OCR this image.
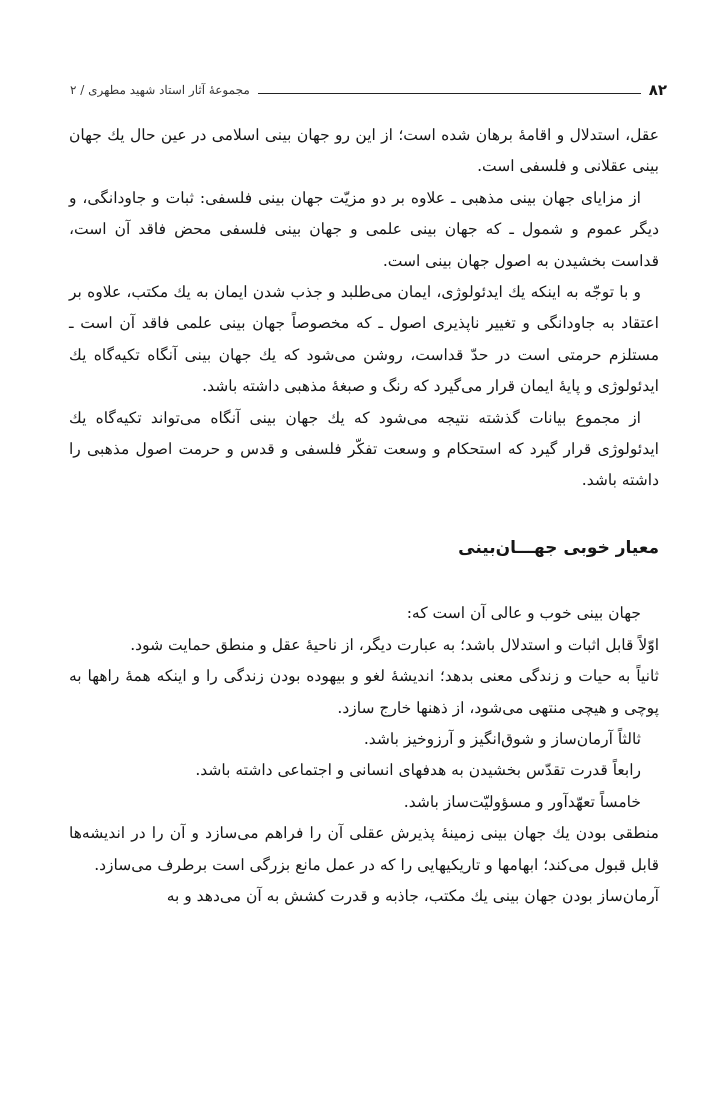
۸۲
مجموعهٔ آثار استاد شهید مطهری / ۲

عقل، استدلال و اقامهٔ برهان شده است؛ از این رو جهان بینی اسلامی در عین حال یك جهان بینی عقلانی و فلسفی است.

از مزایای جهان بینی مذهبی ـ علاوه بر دو مزیّت جهان بینی فلسفی: ثبات و جاودانگی، و دیگر عموم و شمول ـ كه جهان بینی علمی و جهان بینی فلسفی محض فاقد آن است، قداست بخشیدن به اصول جهان بینی است.

و با توجّه به اینكه یك ایدئولوژی، ایمان می‌طلبد و جذب شدن ایمان به یك مكتب، علاوه بر اعتقاد به جاودانگی و تغییر ناپذیری اصول ـ كه مخصوصاً جهان بینی علمی فاقد آن است ـ مستلزم حرمتی است در حدّ قداست، روشن می‌شود كه یك جهان بینی آنگاه تكیه‌گاه یك ایدئولوژی و پایهٔ ایمان قرار می‌گیرد كه رنگ و صبغهٔ مذهبی داشته باشد.

از مجموع بیانات گذشته نتیجه می‌شود كه یك جهان بینی آنگاه می‌تواند تكیه‌گاه یك ایدئولوژی قرار گیرد كه استحكام و وسعت تفكّر فلسفی و قدس و حرمت اصول مذهبی را داشته باشد.

معیار خوبی جهـــان‌بینی

جهان بینی خوب و عالی آن است كه:

اوّلاً قابل اثبات و استدلال باشد؛ به عبارت دیگر، از ناحیهٔ عقل و منطق حمایت شود.

ثانیاً به حیات و زندگی معنی بدهد؛ اندیشهٔ لغو و بیهوده بودن زندگی را و اینكه همهٔ راهها به پوچی و هیچی منتهی می‌شود، از ذهنها خارج سازد.

ثالثاً آرمان‌ساز و شوق‌انگیز و آرزوخیز باشد.

رابعاً قدرت تقدّس بخشیدن به هدفهای انسانی و اجتماعی داشته باشد.

خامساً تعهّدآور و مسؤولیّت‌ساز باشد.

منطقی بودن یك جهان بینی زمینهٔ پذیرش عقلی آن را فراهم می‌سازد و آن را در اندیشه‌ها قابل قبول می‌كند؛ ابهامها و تاریكیهایی را كه در عمل مانع بزرگی است برطرف می‌سازد.

آرمان‌ساز بودن جهان بینی یك مكتب، جاذبه و قدرت كشش به آن می‌دهد و به
